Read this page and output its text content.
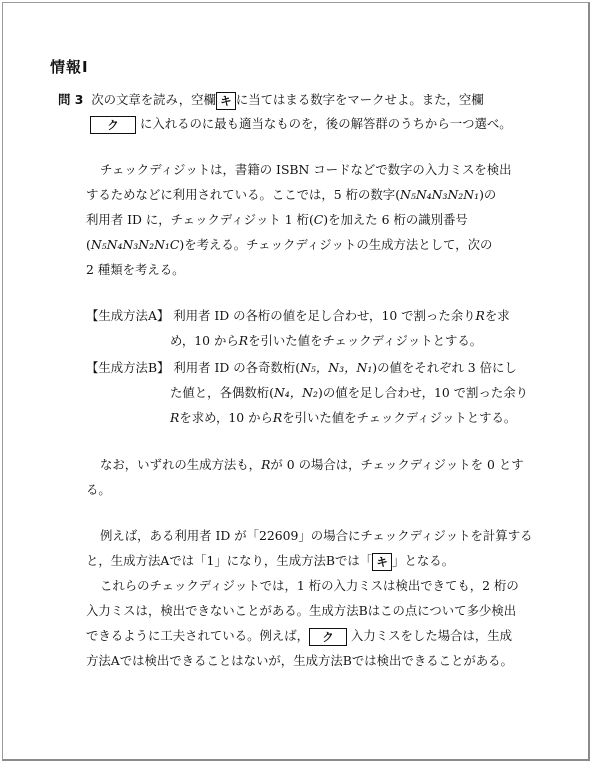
情報Ⅰ
問 3 次の文章を読み，空欄 キ に当てはまる数字をマークせよ。また，空欄
ク に入れるのに最も適当なものを，後の解答群のうちから一つ選べ。
チェックディジットは，書籍の ISBN コードなどで数字の入力ミスを検出
するためなどに利用されている。ここでは，5 桁の数字(N₅N₄N₃N₂N₁)の
利用者 ID に，チェックディジット 1 桁(C)を加えた 6 桁の識別番号
(N₅N₄N₃N₂N₁C)を考える。チェックディジットの生成方法として，次の
2 種類を考える。
【生成方法A】 利用者 ID の各桁の値を足し合わせ，10 で割った余りRを求
め，10 からRを引いた値をチェックディジットとする。
【生成方法B】 利用者 ID の各奇数桁(N₅，N₃，N₁)の値をそれぞれ 3 倍にし
た値と，各偶数桁(N₄，N₂)の値を足し合わせ，10 で割った余り
Rを求め，10 からRを引いた値をチェックディジットとする。
なお，いずれの生成方法も，Rが 0 の場合は，チェックディジットを 0 とす
る。
例えば，ある利用者 ID が「22609」の場合にチェックディジットを計算する
と，生成方法Aでは「1」になり，生成方法Bでは「 キ 」となる。
これらのチェックディジットでは，1 桁の入力ミスは検出できても，2 桁の
入力ミスは，検出できないことがある。生成方法Bはこの点について多少検出
できるように工夫されている。例えば， ク 入力ミスをした場合は，生成
方法Aでは検出できることはないが，生成方法Bでは検出できることがある。
